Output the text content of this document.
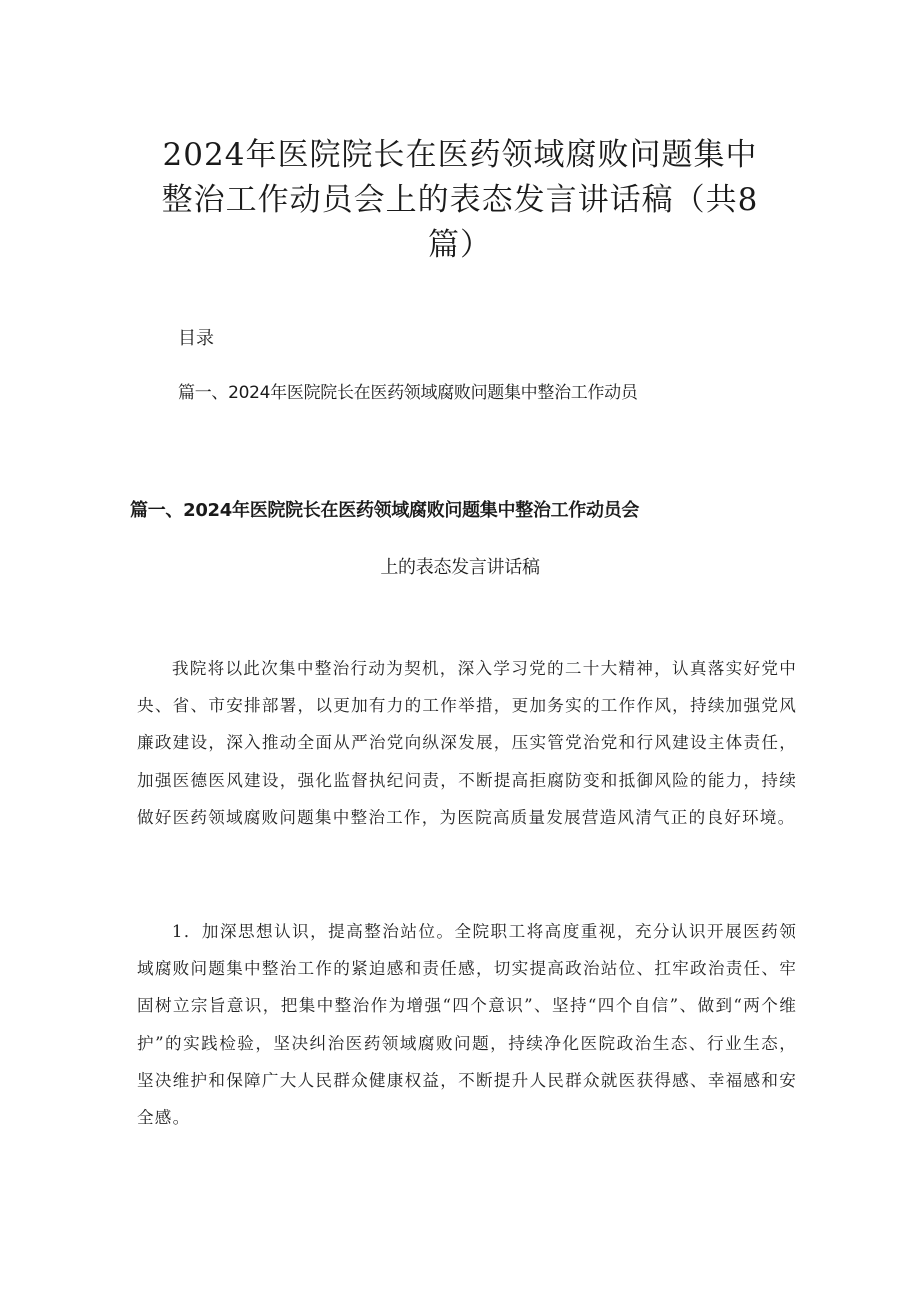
2024年医院院长在医药领域腐败问题集中
整治工作动员会上的表态发言讲话稿（共8
篇）
目录

篇一、2024年医院院长在医药领域腐败问题集中整治工作动员

篇一、2024年医院院长在医药领域腐败问题集中整治工作动员会
上的表态发言讲话稿

我院将以此次集中整治行动为契机，深入学习党的二十大精神，认真落实好党中央、省、市安排部署，以更加有力的工作举措，更加务实的工作作风，持续加强党风廉政建设，深入推动全面从严治党向纵深发展，压实管党治党和行风建设主体责任，加强医德医风建设，强化监督执纪问责，不断提高拒腐防变和抵御风险的能力，持续做好医药领域腐败问题集中整治工作，为医院高质量发展营造风清气正的良好环境。

1．加深思想认识，提高整治站位。全院职工将高度重视，充分认识开展医药领域腐败问题集中整治工作的紧迫感和责任感，切实提高政治站位、扛牢政治责任、牢固树立宗旨意识，把集中整治作为增强“四个意识”、坚持“四个自信”、做到“两个维护”的实践检验，坚决纠治医药领域腐败问题，持续净化医院政治生态、行业生态，坚决维护和保障广大人民群众健康权益，不断提升人民群众就医获得感、幸福感和安全感。
